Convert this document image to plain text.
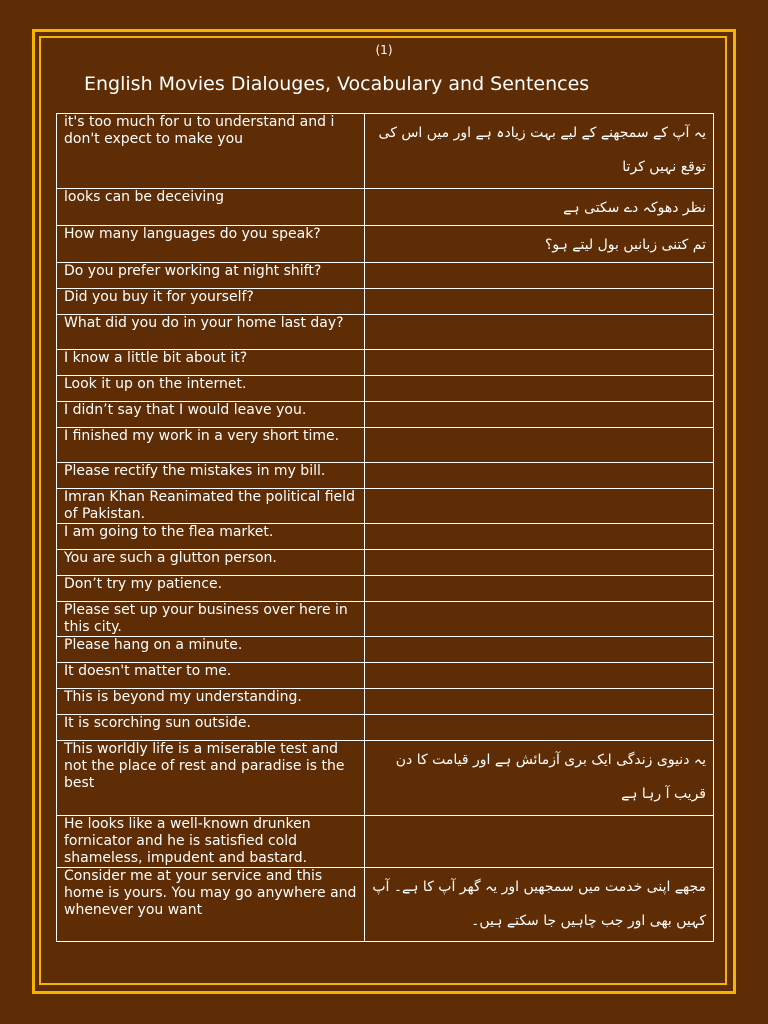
(1)
English Movies Dialouges, Vocabulary and Sentences
it's too much for u to understand and i don't expect to make you	یہ آپ کے سمجھنے کے لیے بہت زیادہ ہے اور میں اس کی توقع نہیں کرتا
looks can be deceiving	نظر دھوکہ دے سکتی ہے
How many languages do you speak?	تم کتنی زبانیں بول لیتے ہو؟
Do you prefer working at night shift?	
Did you buy it for yourself?	
What did you do in your home last day?	
I know a little bit about it?	
Look it up on the internet.	
I didn’t say that I would leave you.	
I finished my work in a very short time.	
Please rectify the mistakes in my bill.	
Imran Khan Reanimated the political field of Pakistan.	
I am going to the flea market.	
You are such a glutton person.	
Don’t try my patience.	
Please set up your business over here in this city.	
Please hang on a minute.	
It doesn't matter to me.	
This is beyond my understanding.	
It is scorching sun outside.	
This worldly life is a miserable test and not the place of rest and paradise is the best	یہ دنیوی زندگی ایک بری آزمائش ہے اور قیامت کا دن قریب آ رہا ہے
He looks like a well-known drunken fornicator and he is satisfied cold shameless, impudent and bastard.	
Consider me at your service and this home is yours. You may go anywhere and whenever you want	مجھے اپنی خدمت میں سمجھیں اور یہ گھر آپ کا ہے۔ آپ کہیں بھی اور جب چاہیں جا سکتے ہیں۔
